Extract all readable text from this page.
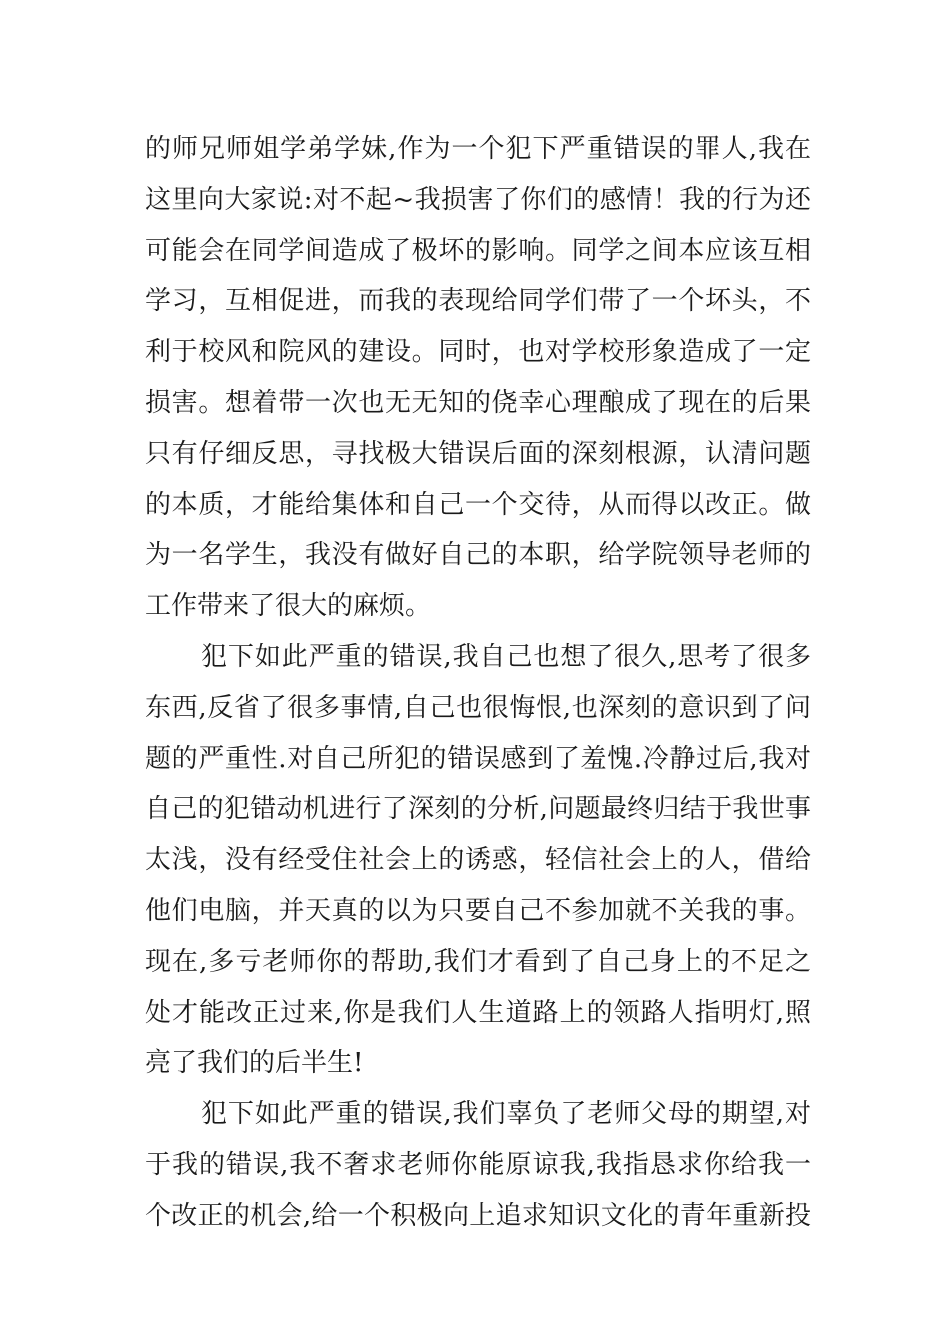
的师兄师姐学弟学妹,作为一个犯下严重错误的罪人,我在
这里向大家说:对不起~我损害了你们的感情！我的行为还
可能会在同学间造成了极坏的影响。同学之间本应该互相
学习，互相促进，而我的表现给同学们带了一个坏头，不
利于校风和院风的建设。同时，也对学校形象造成了一定
损害。想着带一次也无无知的侥幸心理酿成了现在的后果
只有仔细反思，寻找极大错误后面的深刻根源，认清问题
的本质，才能给集体和自己一个交待，从而得以改正。做
为一名学生，我没有做好自己的本职，给学院领导老师的
工作带来了很大的麻烦。
犯下如此严重的错误,我自己也想了很久,思考了很多
东西,反省了很多事情,自己也很悔恨,也深刻的意识到了问
题的严重性.对自己所犯的错误感到了羞愧.冷静过后,我对
自己的犯错动机进行了深刻的分析,问题最终归结于我世事
太浅，没有经受住社会上的诱惑，轻信社会上的人，借给
他们电脑，并天真的以为只要自己不参加就不关我的事。
现在,多亏老师你的帮助,我们才看到了自己身上的不足之
处才能改正过来,你是我们人生道路上的领路人指明灯,照
亮了我们的后半生!
犯下如此严重的错误,我们辜负了老师父母的期望,对
于我的错误,我不奢求老师你能原谅我,我指恳求你给我一
个改正的机会,给一个积极向上追求知识文化的青年重新投
